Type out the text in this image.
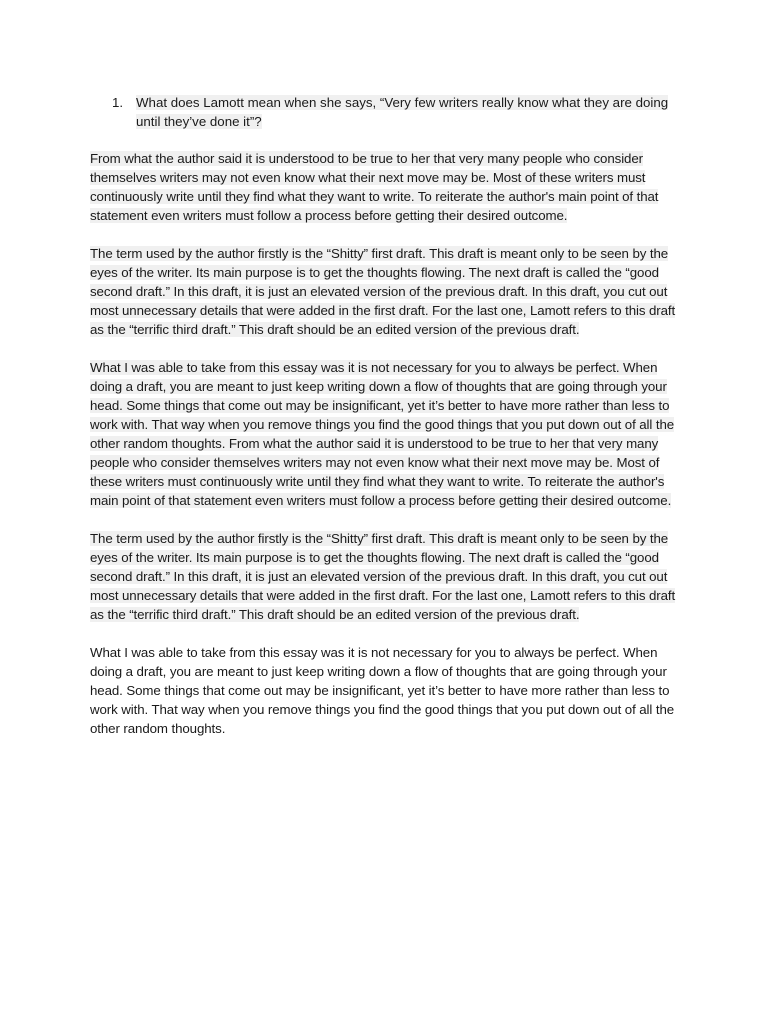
1. What does Lamott mean when she says, “Very few writers really know what they are doing until they’ve done it”?

From what the author said it is understood to be true to her that very many people who consider themselves writers may not even know what their next move may be. Most of these writers must continuously write until they find what they want to write. To reiterate the author's main point of that statement even writers must follow a process before getting their desired outcome.

The term used by the author firstly is the “Shitty” first draft. This draft is meant only to be seen by the eyes of the writer. Its main purpose is to get the thoughts flowing. The next draft is called the “good second draft.” In this draft, it is just an elevated version of the previous draft. In this draft, you cut out most unnecessary details that were added in the first draft. For the last one, Lamott refers to this draft as the “terrific third draft.” This draft should be an edited version of the previous draft.

What I was able to take from this essay was it is not necessary for you to always be perfect. When doing a draft, you are meant to just keep writing down a flow of thoughts that are going through your head. Some things that come out may be insignificant, yet it’s better to have more rather than less to work with. That way when you remove things you find the good things that you put down out of all the other random thoughts. From what the author said it is understood to be true to her that very many people who consider themselves writers may not even know what their next move may be. Most of these writers must continuously write until they find what they want to write. To reiterate the author's main point of that statement even writers must follow a process before getting their desired outcome.

The term used by the author firstly is the “Shitty” first draft. This draft is meant only to be seen by the eyes of the writer. Its main purpose is to get the thoughts flowing. The next draft is called the “good second draft.” In this draft, it is just an elevated version of the previous draft. In this draft, you cut out most unnecessary details that were added in the first draft. For the last one, Lamott refers to this draft as the “terrific third draft.” This draft should be an edited version of the previous draft.

What I was able to take from this essay was it is not necessary for you to always be perfect. When doing a draft, you are meant to just keep writing down a flow of thoughts that are going through your head. Some things that come out may be insignificant, yet it’s better to have more rather than less to work with. That way when you remove things you find the good things that you put down out of all the other random thoughts.
